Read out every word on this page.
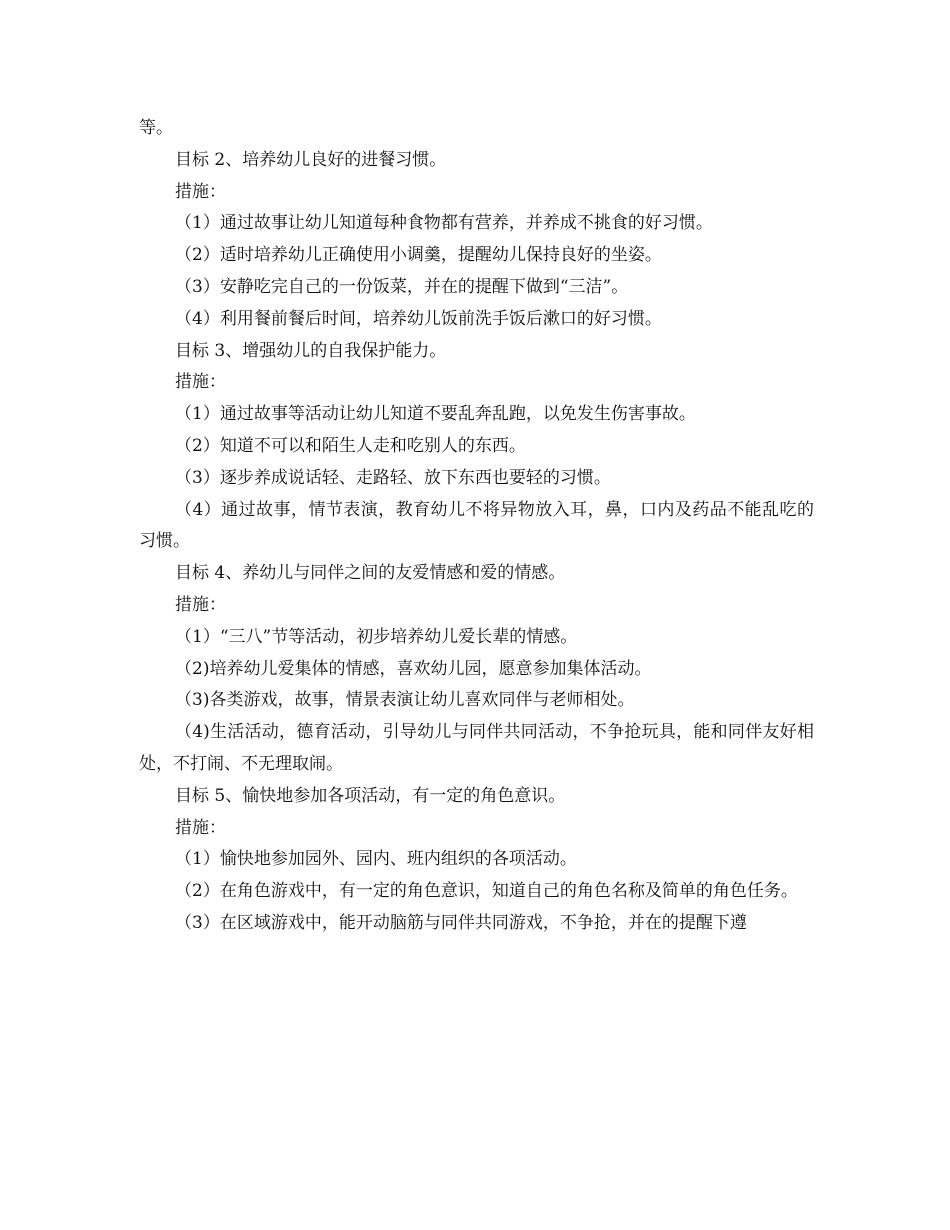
等。

目标 2、培养幼儿良好的进餐习惯。

措施：

（1）通过故事让幼儿知道每种食物都有营养，并养成不挑食的好习惯。

（2）适时培养幼儿正确使用小调羹，提醒幼儿保持良好的坐姿。

（3）安静吃完自己的一份饭菜，并在的提醒下做到“三洁”。

（4）利用餐前餐后时间，培养幼儿饭前洗手饭后漱口的好习惯。

目标 3、增强幼儿的自我保护能力。

措施：

（1）通过故事等活动让幼儿知道不要乱奔乱跑，以免发生伤害事故。

（2）知道不可以和陌生人走和吃别人的东西。

（3）逐步养成说话轻、走路轻、放下东西也要轻的习惯。

（4）通过故事，情节表演，教育幼儿不将异物放入耳，鼻，口内及药品不能乱吃的习惯。

目标 4、养幼儿与同伴之间的友爱情感和爱的情感。

措施：

（1）“三八”节等活动，初步培养幼儿爱长辈的情感。

（2)培养幼儿爱集体的情感，喜欢幼儿园，愿意参加集体活动。

（3)各类游戏，故事，情景表演让幼儿喜欢同伴与老师相处。

（4)生活活动，德育活动，引导幼儿与同伴共同活动，不争抢玩具，能和同伴友好相处，不打闹、不无理取闹。

目标 5、愉快地参加各项活动，有一定的角色意识。

措施：

（1）愉快地参加园外、园内、班内组织的各项活动。

（2）在角色游戏中，有一定的角色意识，知道自己的角色名称及简单的角色任务。

（3）在区域游戏中，能开动脑筋与同伴共同游戏，不争抢，并在的提醒下遵
